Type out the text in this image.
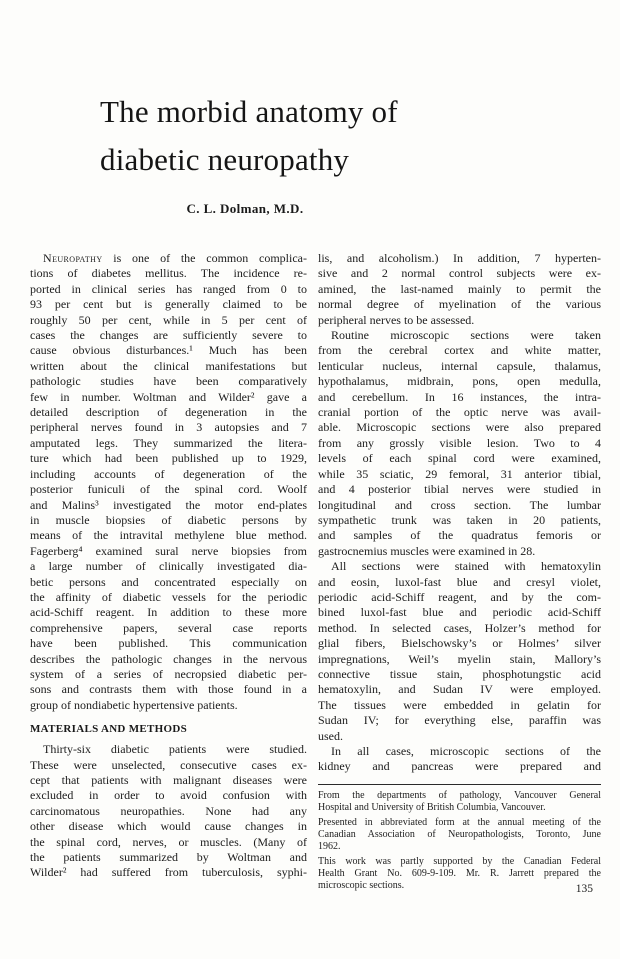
The morbid anatomy of
diabetic neuropathy
C. L. Dolman, M.D.
Neuropathy is one of the common complica-
tions of diabetes mellitus. The incidence re-
ported in clinical series has ranged from 0 to
93 per cent but is generally claimed to be
roughly 50 per cent, while in 5 per cent of
cases the changes are sufficiently severe to
cause obvious disturbances.¹ Much has been
written about the clinical manifestations but
pathologic studies have been comparatively
few in number. Woltman and Wilder² gave a
detailed description of degeneration in the
peripheral nerves found in 3 autopsies and 7
amputated legs. They summarized the litera-
ture which had been published up to 1929,
including accounts of degeneration of the
posterior funiculi of the spinal cord. Woolf
and Malins³ investigated the motor end-plates
in muscle biopsies of diabetic persons by
means of the intravital methylene blue method.
Fagerberg⁴ examined sural nerve biopsies from
a large number of clinically investigated dia-
betic persons and concentrated especially on
the affinity of diabetic vessels for the periodic
acid-Schiff reagent. In addition to these more
comprehensive papers, several case reports
have been published. This communication
describes the pathologic changes in the nervous
system of a series of necropsied diabetic per-
sons and contrasts them with those found in a
group of nondiabetic hypertensive patients.
MATERIALS AND METHODS
Thirty-six diabetic patients were studied.
These were unselected, consecutive cases ex-
cept that patients with malignant diseases were
excluded in order to avoid confusion with
carcinomatous neuropathies. None had any
other disease which would cause changes in
the spinal cord, nerves, or muscles. (Many of
the patients summarized by Woltman and
Wilder² had suffered from tuberculosis, syphi-
lis, and alcoholism.) In addition, 7 hyperten-
sive and 2 normal control subjects were ex-
amined, the last-named mainly to permit the
normal degree of myelination of the various
peripheral nerves to be assessed.
Routine microscopic sections were taken
from the cerebral cortex and white matter,
lenticular nucleus, internal capsule, thalamus,
hypothalamus, midbrain, pons, open medulla,
and cerebellum. In 16 instances, the intra-
cranial portion of the optic nerve was avail-
able. Microscopic sections were also prepared
from any grossly visible lesion. Two to 4
levels of each spinal cord were examined,
while 35 sciatic, 29 femoral, 31 anterior tibial,
and 4 posterior tibial nerves were studied in
longitudinal and cross section. The lumbar
sympathetic trunk was taken in 20 patients,
and samples of the quadratus femoris or
gastrocnemius muscles were examined in 28.
All sections were stained with hematoxylin
and eosin, luxol-fast blue and cresyl violet,
periodic acid-Schiff reagent, and by the com-
bined luxol-fast blue and periodic acid-Schiff
method. In selected cases, Holzer’s method for
glial fibers, Bielschowsky’s or Holmes’ silver
impregnations, Weil’s myelin stain, Mallory’s
connective tissue stain, phosphotungstic acid
hematoxylin, and Sudan IV were employed.
The tissues were embedded in gelatin for
Sudan IV; for everything else, paraffin was
used.
In all cases, microscopic sections of the
kidney and pancreas were prepared and
From the departments of pathology, Vancouver General
Hospital and University of British Columbia, Vancouver.
Presented in abbreviated form at the annual meeting of the
Canadian Association of Neuropathologists, Toronto, June
1962.
This work was partly supported by the Canadian Federal
Health Grant No. 609-9-109. Mr. R. Jarrett prepared the
microscopic sections.	135
